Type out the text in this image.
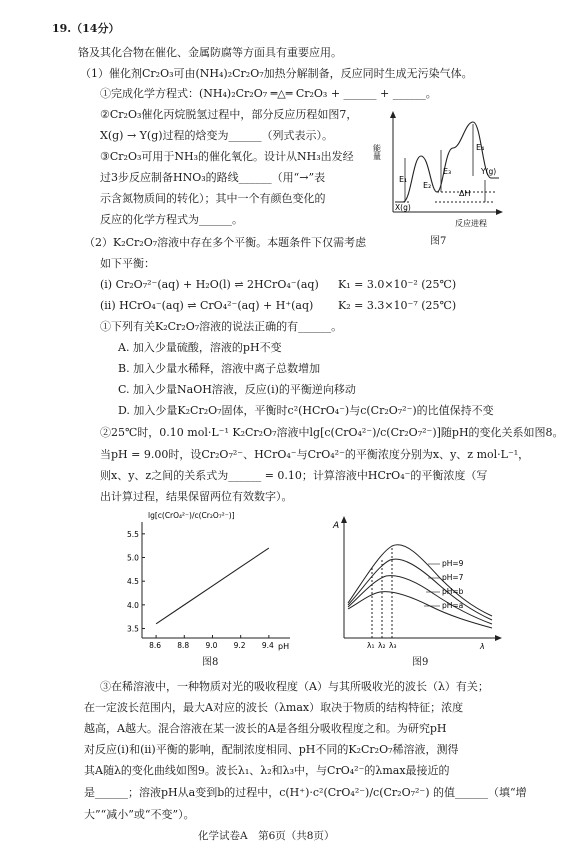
19.（14分）
铬及其化合物在催化、金属防腐等方面具有重要应用。
（1）催化剂Cr₂O₃可由(NH₄)₂Cr₂O₇加热分解制备，反应同时生成无污染气体。
①完成化学方程式：(NH₄)₂Cr₂O₇ ═△═ Cr₂O₃ + ______ + ______。
②Cr₂O₃催化丙烷脱氢过程中，部分反应历程如图7，
X(g) → Y(g)过程的焓变为______（列式表示）。
③Cr₂O₃可用于NH₃的催化氧化。设计从NH₃出发经
过3步反应制备HNO₃的路线______（用“→”表
示含氮物质间的转化）；其中一个有颜色变化的
反应的化学方程式为______。
能量
E₁
E₂
E₃
E₄
ΔH
X(g)
Y(g)
反应进程
图7
（2）K₂Cr₂O₇溶液中存在多个平衡。本题条件下仅需考虑
如下平衡：
(i) Cr₂O₇²⁻(aq) + H₂O(l) ⇌ 2HCrO₄⁻(aq) K₁ = 3.0×10⁻² (25℃)
(ii) HCrO₄⁻(aq) ⇌ CrO₄²⁻(aq) + H⁺(aq) K₂ = 3.3×10⁻⁷ (25℃)
①下列有关K₂Cr₂O₇溶液的说法正确的有______。
A. 加入少量硫酸，溶液的pH不变
B. 加入少量水稀释，溶液中离子总数增加
C. 加入少量NaOH溶液，反应(i)的平衡逆向移动
D. 加入少量K₂Cr₂O₇固体，平衡时c²(HCrO₄⁻)与c(Cr₂O₇²⁻)的比值保持不变
②25℃时，0.10 mol·L⁻¹ K₂Cr₂O₇溶液中lg[c(CrO₄²⁻)/c(Cr₂O₇²⁻)]随pH的变化关系如图8。
当pH = 9.00时，设Cr₂O₇²⁻、HCrO₄⁻与CrO₄²⁻的平衡浓度分别为x、y、z mol·L⁻¹，
则x、y、z之间的关系式为______ = 0.10；计算溶液中HCrO₄⁻的平衡浓度（写
出计算过程，结果保留两位有效数字）。
lg[c(CrO₄²⁻)/c(Cr₂O₇²⁻)]
8.6 8.8 9.0 9.2 9.4
3.5
4.0
4.5
5.0
5.5
pH
图8
A
pH=9
pH=7
pH=b
pH=a
λ₁ λ₂ λ₃	λ
图9
③在稀溶液中，一种物质对光的吸收程度（A）与其所吸收光的波长（λ）有关；
在一定波长范围内，最大A对应的波长（λmax）取决于物质的结构特征；浓度
越高，A越大。混合溶液在某一波长的A是各组分吸收程度之和。为研究pH
对反应(i)和(ii)平衡的影响，配制浓度相同、pH不同的K₂Cr₂O₇稀溶液，测得
其A随λ的变化曲线如图9。波长λ₁、λ₂和λ₃中，与CrO₄²⁻的λmax最接近的
是______；溶液pH从a变到b的过程中，c(H⁺)·c²(CrO₄²⁻)/c(Cr₂O₇²⁻) 的值______（填“增
大”“减小”或“不变”）。
化学试卷A　第6页（共8页）
